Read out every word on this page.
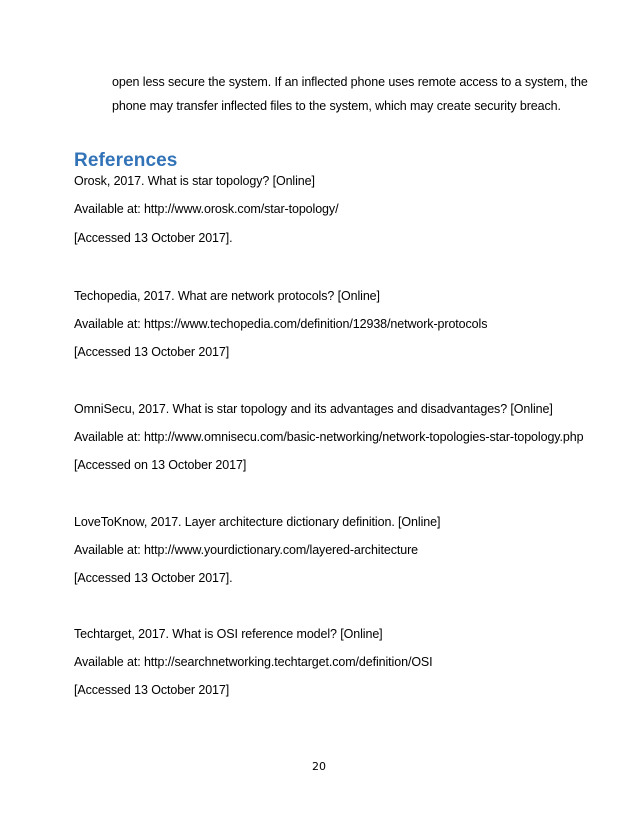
open less secure the system. If an inflected phone uses remote access to a system, the

phone may transfer inflected files to the system, which may create security breach.

References

Orosk, 2017. What is star topology? [Online]

Available at: http://www.orosk.com/star-topology/

[Accessed 13 October 2017].

Techopedia, 2017. What are network protocols? [Online]

Available at: https://www.techopedia.com/definition/12938/network-protocols

[Accessed 13 October 2017]

OmniSecu, 2017. What is star topology and its advantages and disadvantages? [Online]

Available at: http://www.omnisecu.com/basic-networking/network-topologies-star-topology.php

[Accessed on 13 October 2017]

LoveToKnow, 2017. Layer architecture dictionary definition. [Online]

Available at: http://www.yourdictionary.com/layered-architecture

[Accessed 13 October 2017].

Techtarget, 2017. What is OSI reference model? [Online]

Available at: http://searchnetworking.techtarget.com/definition/OSI

[Accessed 13 October 2017]

20
